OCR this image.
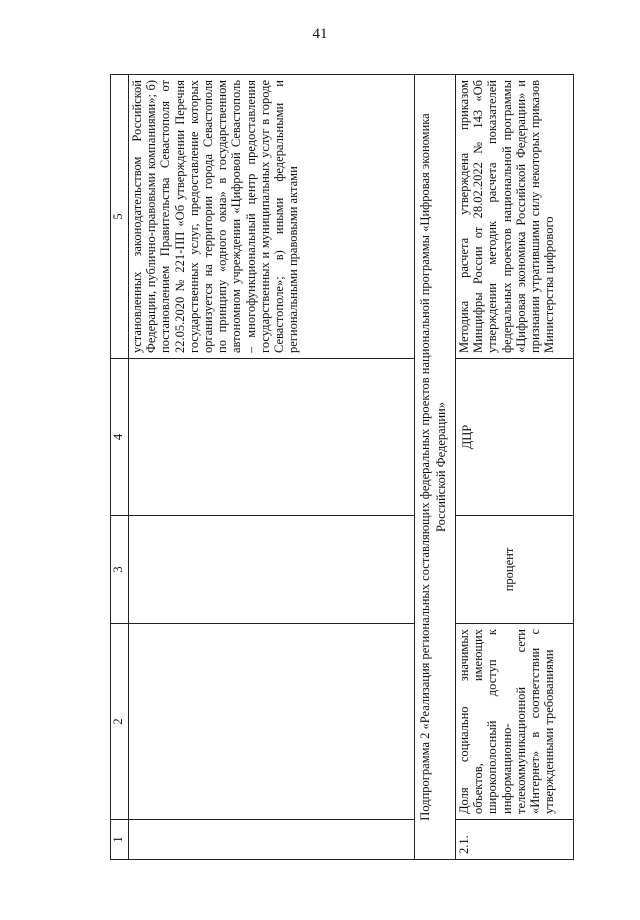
41
1	2	3	4	5
				установленных законодательством Российской Федерации, публично-правовыми компаниями»; б) постановлением Правительства Севастополя от 22.05.2020 № 221-ПП «Об утверждении Перечня государственных услуг, предоставление которых организуется на территории города Севастополя по принципу «одного окна» в государственном автономном учреждении «Цифровой Севастополь – многофункциональный центр предоставления государственных и муниципальных услуг в городе Севастополе»; в) иными федеральными и региональными правовыми актами
Подпрограмма 2 «Реализация региональных составляющих федеральных проектов национальной программы «Цифровая экономика Российской Федерации»				
2.1.	Доля социально значимых объектов, имеющих широкополосный доступ к информационно-телекоммуникационной сети «Интернет» в соответствии с утвержденными требованиями	процент	ДЦР	Методика расчета утверждена приказом Минцифры России от 28.02.2022 № 143 «Об утверждении методик расчета показателей федеральных проектов национальной программы «Цифровая экономика Российской Федерации» и признании утратившими силу некоторых приказов Министерства цифрового
